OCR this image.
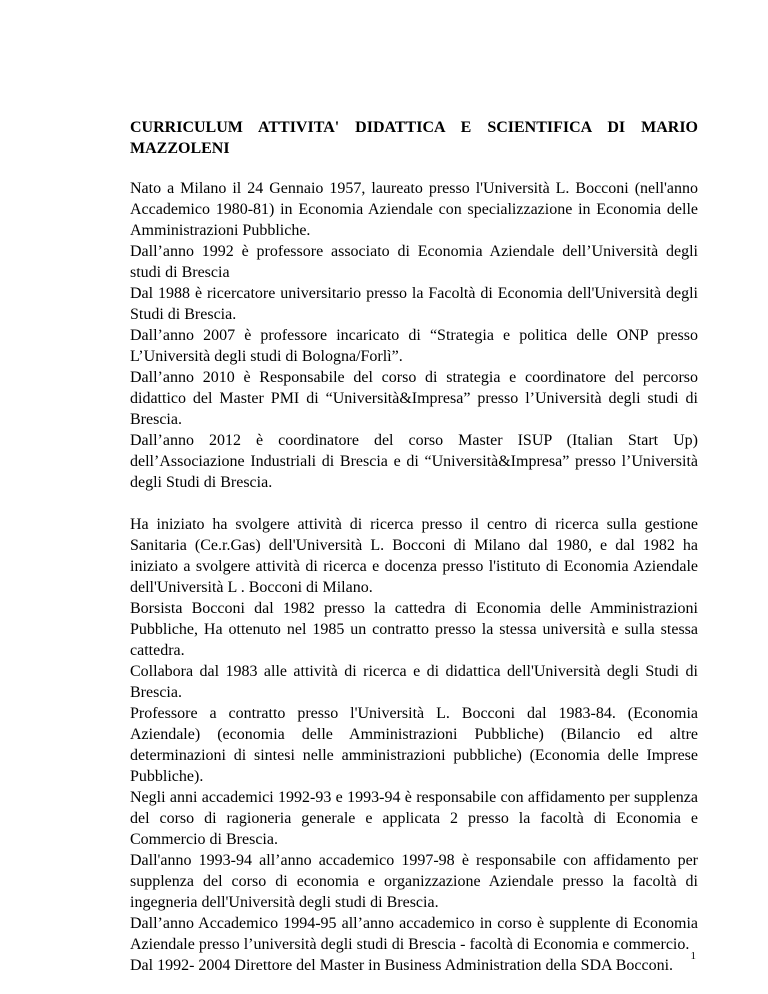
CURRICULUM ATTIVITA' DIDATTICA E SCIENTIFICA DI MARIO MAZZOLENI

Nato a Milano il 24 Gennaio 1957, laureato presso l'Università L. Bocconi (nell'anno Accademico 1980-81) in Economia Aziendale con specializzazione in Economia delle Amministrazioni Pubbliche.

Dall’anno 1992 è professore associato di Economia Aziendale dell’Università degli studi di Brescia

Dal 1988 è ricercatore universitario presso la Facoltà di Economia dell'Università degli Studi di Brescia.

Dall’anno 2007 è professore incaricato di “Strategia e politica delle ONP presso L’Università degli studi di Bologna/Forlì”.

Dall’anno 2010 è Responsabile del corso di strategia e coordinatore del percorso didattico del Master PMI di “Università&Impresa” presso l’Università degli studi di Brescia.

Dall’anno 2012 è coordinatore del corso Master ISUP (Italian Start Up) dell’Associazione Industriali di Brescia e di “Università&Impresa” presso l’Università degli Studi di Brescia.

Ha iniziato ha svolgere attività di ricerca presso il centro di ricerca sulla gestione Sanitaria (Ce.r.Gas) dell'Università L. Bocconi di Milano dal 1980, e dal 1982 ha iniziato a svolgere attività di ricerca e docenza presso l'istituto di Economia Aziendale dell'Università L . Bocconi di Milano.

Borsista Bocconi dal 1982 presso la cattedra di Economia delle Amministrazioni Pubbliche, Ha ottenuto nel 1985 un contratto presso la stessa università e sulla stessa cattedra.

Collabora dal 1983 alle attività di ricerca e di didattica dell'Università degli Studi di Brescia.

Professore a contratto presso l'Università L. Bocconi dal 1983-84. (Economia Aziendale) (economia delle Amministrazioni Pubbliche) (Bilancio ed altre determinazioni di sintesi nelle amministrazioni pubbliche) (Economia delle Imprese Pubbliche).

Negli anni accademici 1992-93 e 1993-94 è responsabile con affidamento per supplenza del corso di ragioneria generale e applicata 2 presso la facoltà di Economia e Commercio di Brescia.

Dall'anno 1993-94 all’anno accademico 1997-98 è responsabile con affidamento per supplenza del corso di economia e organizzazione Aziendale presso la facoltà di ingegneria dell'Università degli studi di Brescia.

Dall’anno Accademico 1994-95 all’anno accademico in corso è supplente di Economia Aziendale presso l’università degli studi di Brescia - facoltà di Economia e commercio.

Dal 1992- 2004 Direttore del Master in Business Administration della SDA Bocconi.

1
